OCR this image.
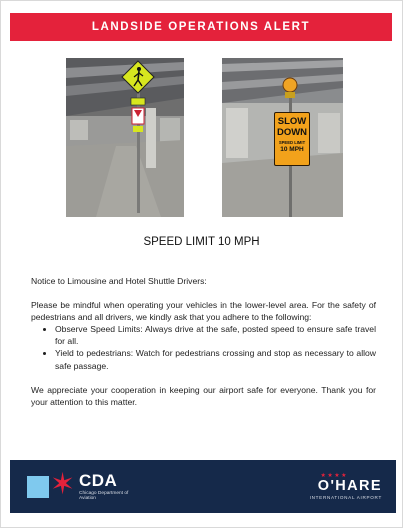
LANDSIDE OPERATIONS ALERT
SLOW
DOWN
SPEED LIMIT
10 MPH
SPEED LIMIT 10 MPH

Notice to Limousine and Hotel Shuttle Drivers:

Please be mindful when operating your vehicles in the lower-level area. For the safety of pedestrians and all drivers, we kindly ask that you adhere to the following:

• Observe Speed Limits: Always drive at the safe, posted speed to ensure safe travel for all.
• Yield to pedestrians: Watch for pedestrians crossing and stop as necessary to allow safe passage.

We appreciate your cooperation in keeping our airport safe for everyone. Thank you for your attention to this matter.

✶ CDA
Chicago Department of Aviation
★★★★
O'HARE
INTERNATIONAL AIRPORT
